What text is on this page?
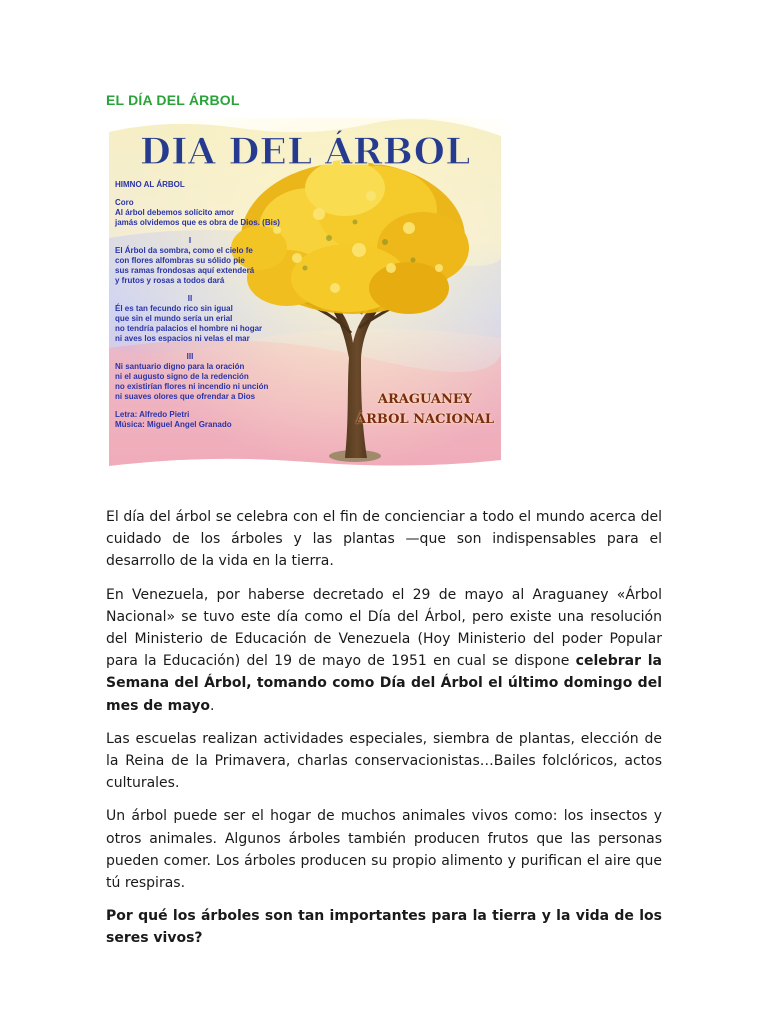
EL DÍA DEL ÁRBOL
DIA DEL ÁRBOL
HIMNO AL ÁRBOL
Coro
Al árbol debemos solícito amor
jamás olvidemos que es obra de Dios. (Bis)
I
El Árbol da sombra, como el cielo fe
con flores alfombras su sólido pie
sus ramas frondosas aquí extenderá
y frutos y rosas a todos dará
II
Él es tan fecundo rico sin igual
que sin el mundo sería un erial
no tendría palacios el hombre ni hogar
ni aves los espacios ni velas el mar
III
Ni santuario digno para la oración
ni el augusto signo de la redención
no existirían flores ni incendio ni unción
ni suaves olores que ofrendar a Dios
Letra: Alfredo Pietri
Música: Miguel Angel Granado
ARAGUANEY
ÁRBOL NACIONAL

El día del árbol se celebra con el fin de concienciar a todo el mundo acerca del cuidado de los árboles y las plantas —que son indispensables para el desarrollo de la vida en la tierra.

En Venezuela, por haberse decretado el 29 de mayo al Araguaney «Árbol Nacional» se tuvo este día como el Día del Árbol, pero existe una resolución del Ministerio de Educación de Venezuela (Hoy Ministerio del poder Popular para la Educación) del 19 de mayo de 1951 en cual se dispone celebrar la Semana del Árbol, tomando como Día del Árbol el último domingo del mes de mayo.

Las escuelas realizan actividades especiales, siembra de plantas, elección de la Reina de la Primavera, charlas conservacionistas…Bailes folclóricos, actos culturales.

Un árbol puede ser el hogar de muchos animales vivos como: los insectos y otros animales. Algunos árboles también producen frutos que las personas pueden comer. Los árboles producen su propio alimento y purifican el aire que tú respiras.

Por qué los árboles son tan importantes para la tierra y la vida de los seres vivos?
